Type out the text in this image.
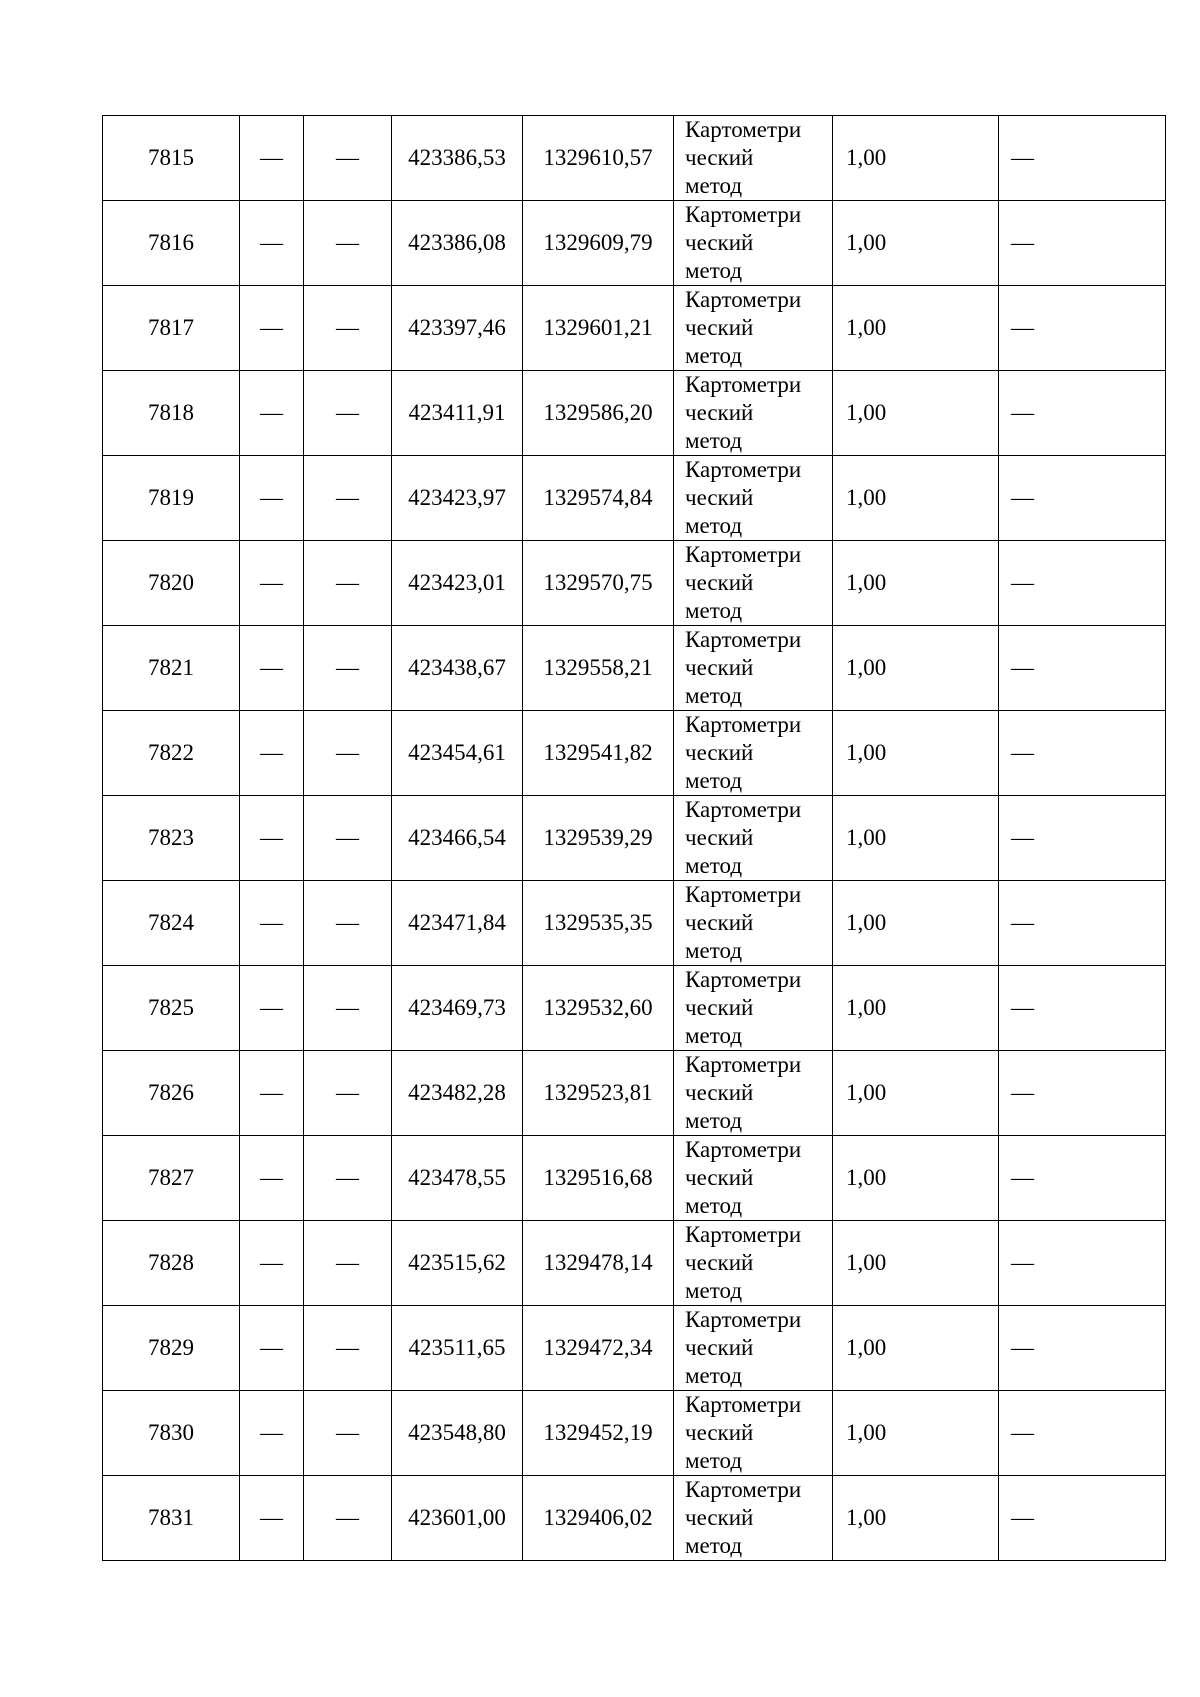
7815	—	—	423386,53	1329610,57	Картометри
ческий
метод	1,00	—
7816	—	—	423386,08	1329609,79	Картометри
ческий
метод	1,00	—
7817	—	—	423397,46	1329601,21	Картометри
ческий
метод	1,00	—
7818	—	—	423411,91	1329586,20	Картометри
ческий
метод	1,00	—
7819	—	—	423423,97	1329574,84	Картометри
ческий
метод	1,00	—
7820	—	—	423423,01	1329570,75	Картометри
ческий
метод	1,00	—
7821	—	—	423438,67	1329558,21	Картометри
ческий
метод	1,00	—
7822	—	—	423454,61	1329541,82	Картометри
ческий
метод	1,00	—
7823	—	—	423466,54	1329539,29	Картометри
ческий
метод	1,00	—
7824	—	—	423471,84	1329535,35	Картометри
ческий
метод	1,00	—
7825	—	—	423469,73	1329532,60	Картометри
ческий
метод	1,00	—
7826	—	—	423482,28	1329523,81	Картометри
ческий
метод	1,00	—
7827	—	—	423478,55	1329516,68	Картометри
ческий
метод	1,00	—
7828	—	—	423515,62	1329478,14	Картометри
ческий
метод	1,00	—
7829	—	—	423511,65	1329472,34	Картометри
ческий
метод	1,00	—
7830	—	—	423548,80	1329452,19	Картометри
ческий
метод	1,00	—
7831	—	—	423601,00	1329406,02	Картометри
ческий
метод	1,00	—
